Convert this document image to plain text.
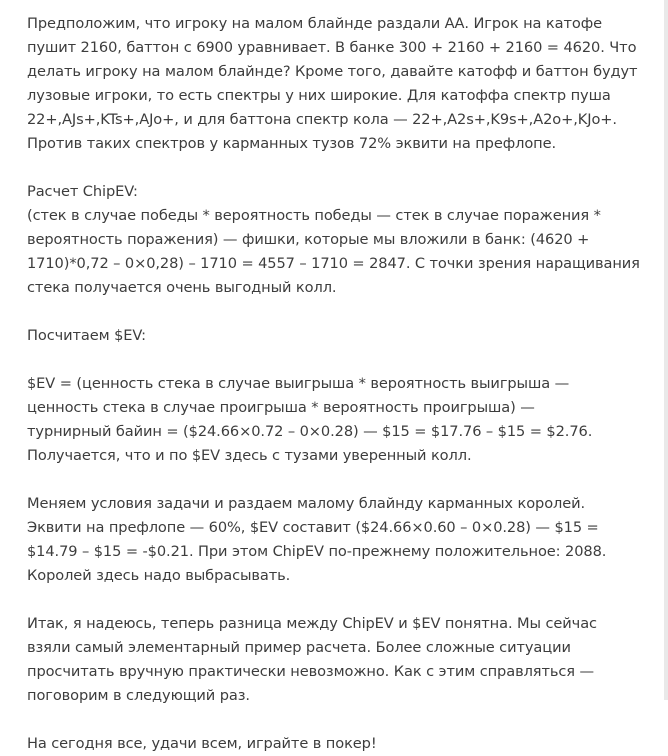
Предположим, что игроку на малом блайнде раздали АА. Игрок на катофе
пушит 2160, баттон с 6900 уравнивает. В банке 300 + 2160 + 2160 = 4620. Что
делать игроку на малом блайнде? Кроме того, давайте катофф и баттон будут
лузовые игроки, то есть спектры у них широкие. Для катоффа спектр пуша
22+,AJs+,KTs+,AJo+, и для баттона спектр кола — 22+,A2s+,K9s+,A2o+,KJo+.
Против таких спектров у карманных тузов 72% эквити на префлопе.

Расчет ChipEV:
(стек в случае победы * вероятность победы — стек в случае поражения *
вероятность поражения) — фишки, которые мы вложили в банк: (4620 +
1710)*0,72 – 0×0,28) – 1710 = 4557 – 1710 = 2847. С точки зрения наращивания
стека получается очень выгодный колл.

Посчитаем $EV:

$EV = (ценность стека в случае выигрыша * вероятность выигрыша —
ценность стека в случае проигрыша * вероятность проигрыша) —
турнирный байин = ($24.66×0.72 – 0×0.28) — $15 = $17.76 – $15 = $2.76.
Получается, что и по $EV здесь с тузами уверенный колл.

Меняем условия задачи и раздаем малому блайнду карманных королей.
Эквити на префлопе — 60%, $EV составит ($24.66×0.60 – 0×0.28) — $15 =
$14.79 – $15 = -$0.21. При этом ChipEV по-прежнему положительное: 2088.
Королей здесь надо выбрасывать.

Итак, я надеюсь, теперь разница между ChipEV и $EV понятна. Мы сейчас
взяли самый элементарный пример расчета. Более сложные ситуации
просчитать вручную практически невозможно. Как с этим справляться —
поговорим в следующий раз.

На сегодня все, удачи всем, играйте в покер!
